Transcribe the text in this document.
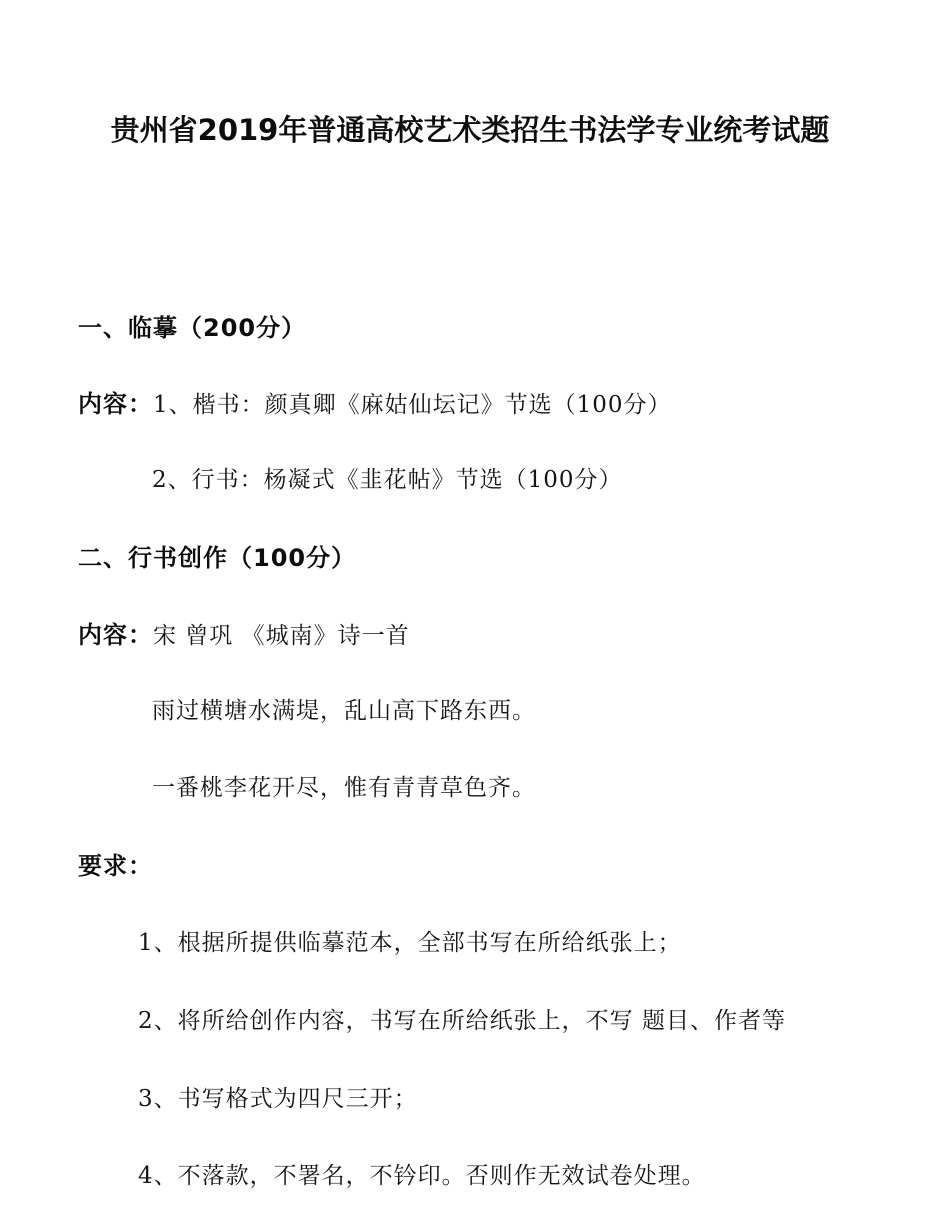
贵州省2019年普通高校艺术类招生书法学专业统考试题
一、临摹（200分）
内容：1、楷书：颜真卿《麻姑仙坛记》节选（100分）
2、行书：杨凝式《韭花帖》节选（100分）
二、行书创作（100分）
内容：宋 曾巩 《城南》诗一首
雨过横塘水满堤，乱山高下路东西。
一番桃李花开尽，惟有青青草色齐。
要求：
1、根据所提供临摹范本，全部书写在所给纸张上；
2、将所给创作内容，书写在所给纸张上，不写 题目、作者等
3、书写格式为四尺三开；
4、不落款，不署名，不钤印。否则作无效试卷处理。
